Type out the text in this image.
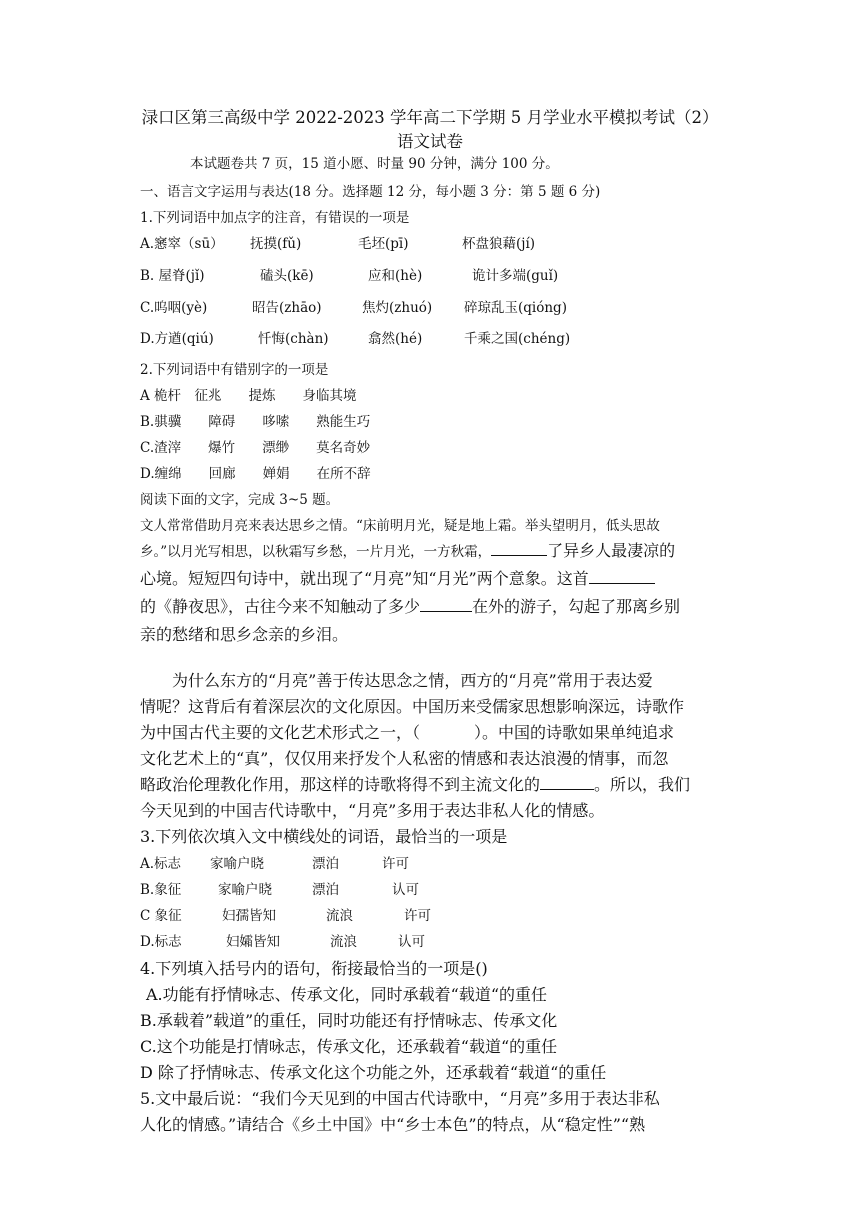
渌口区第三高级中学 2022-2023 学年高二下学期 5 月学业水平模拟考试（2）
语文试卷
本试题卷共 7 页，15 道小愿、时量 90 分钟，满分 100 分。
一、语言文字运用与表达(18 分。选择题 12 分，每小题 3 分：第 5 题 6 分)
1.下列词语中加点字的注音，有错误的一项是
A.窸窣（sū） 抚摸(fǔ)	毛坯(pī)	杯盘狼藉(jí)
B. 屋脊(jǐ)	磕头(kē)	应和(hè)	诡计多端(guǐ)
C.呜咽(yè)	昭告(zhāo)	焦灼(zhuó) 碎琼乱玉(qióng)
D.方遒(qiú)	忏悔(chàn)	翕然(hé)	千乘之国(chéng)
2.下列词语中有错别字的一项是
A 桅杆　征兆　　提炼　　身临其境
B.骐骥　　障碍　　哆嗦　　熟能生巧
C.渣滓　　爆竹　　漂缈　　莫名奇妙
D.缠绵　　回廊　　婵娟　　在所不辞
阅读下面的文字，完成 3~5 题。
文人常常借助月亮来表达思乡之情。“床前明月光，疑是地上霜。举头望明月，低头思故
乡。”以月光写相思，以秋霜写乡愁，一片月光，一方秋霜，	了异乡人最凄凉的
心境。短短四句诗中，就出现了“月亮”知“月光”两个意象。这首
的《静夜思》，古往今来不知触动了多少	在外的游子，勾起了那离乡别
亲的愁绪和思乡念亲的乡泪。
为什么东方的“月亮”善于传达思念之情，西方的“月亮”常用于表达爱
情呢？这背后有着深层次的文化原因。中国历来受儒家思想影响深远，诗歌作
为中国古代主要的文化艺术形式之一，（	）。中国的诗歌如果单纯追求
文化艺术上的“真”，仅仅用来抒发个人私密的情感和表达浪漫的情事，而忽
略政治伦理教化作用，那这样的诗歌将得不到主流文化的	。所以，我们
今天见到的中国吉代诗歌中，“月亮”多用于表达非私人化的情感。
3.下列依次填入文中横线处的词语，最恰当的一项是
A.标志 家喻户晓	漂泊	许可
B.象征	家喻户晓	漂泊	认可
C 象征	妇孺皆知	流浪	许可
D.标志	妇孀皆知	流浪	认可
4.下列填入括号内的语句，衔接最恰当的一项是()
A.功能有抒情咏志、传承文化，同时承载着“载道“的重任
B.承载着”载道”的重任，同时功能还有抒情咏志、传承文化
C.这个功能是打情咏志，传承文化，还承载着“载道“的重任
D 除了抒情咏志、传承文化这个功能之外，还承载着“载道“的重任
5.文中最后说：“我们今天见到的中国古代诗歌中，“月亮”多用于表达非私
人化的情感。”请结合《乡土中国》中“乡士本色”的特点，从“稳定性”“熟
